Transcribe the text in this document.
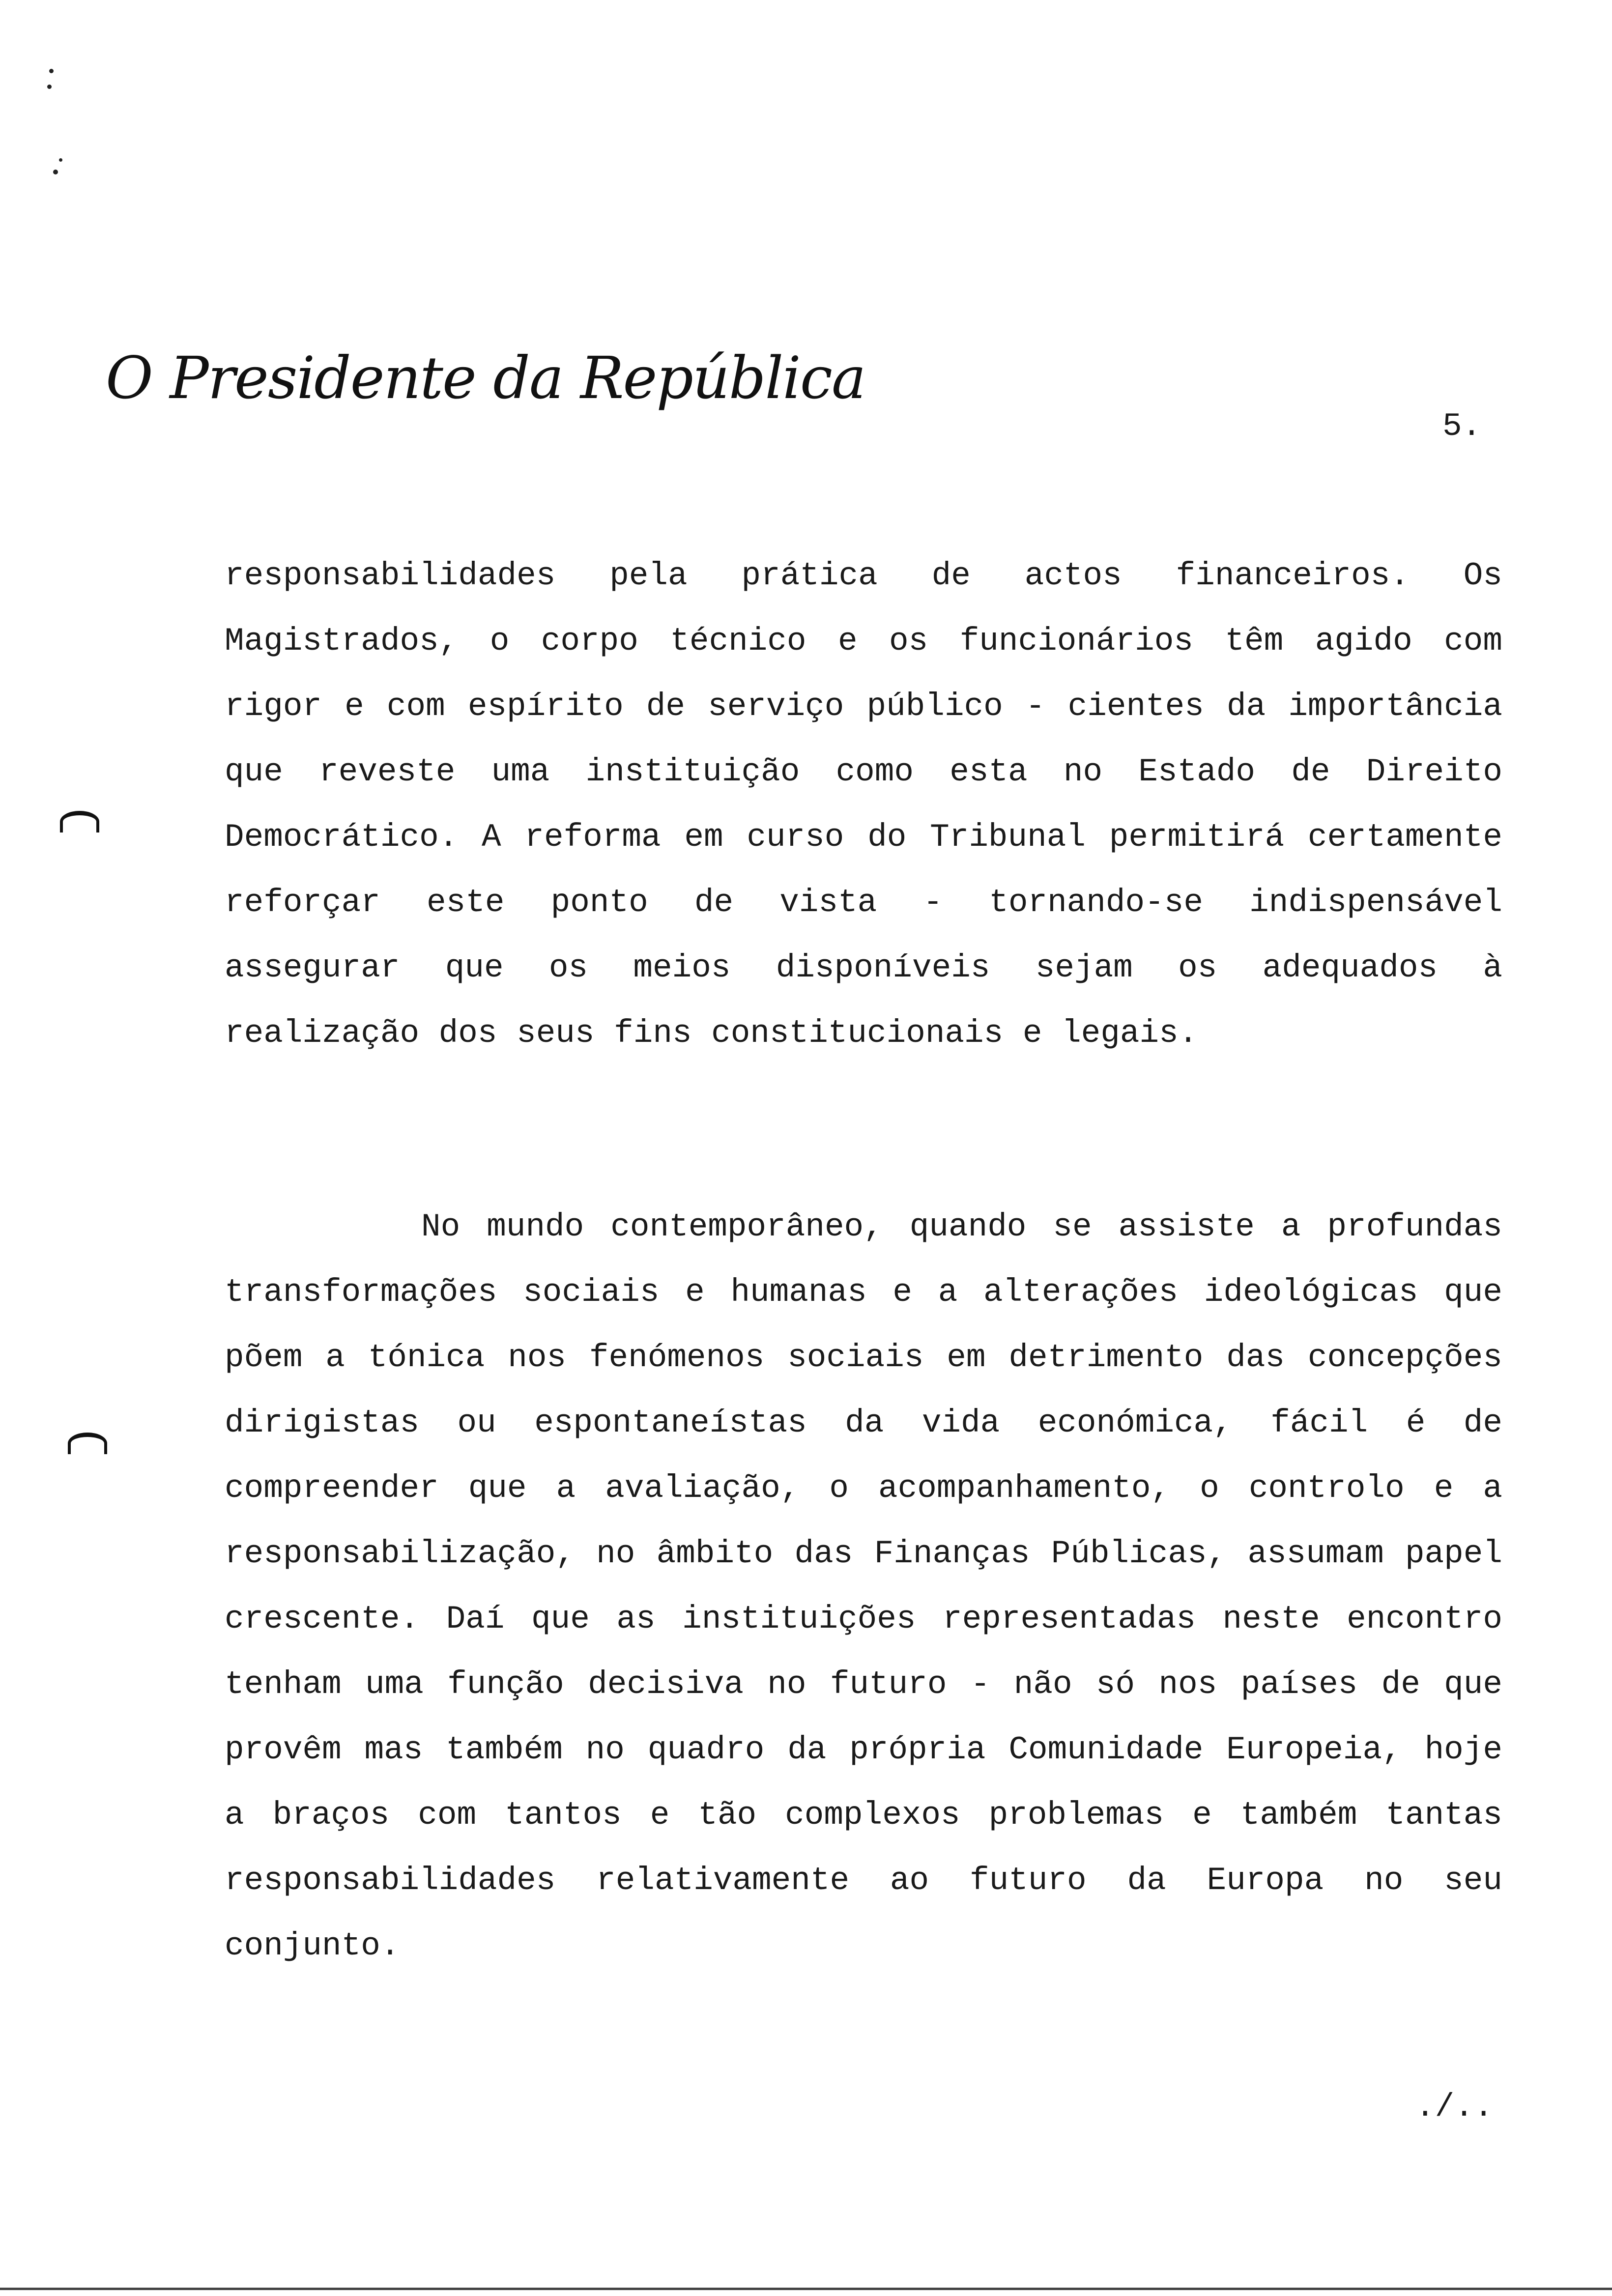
O Presidente da República
5.

responsabilidades pela prática de actos financeiros. Os Magistrados, o corpo técnico e os funcionários têm agido com rigor e com espírito de serviço público - cientes da importância que reveste uma instituição como esta no Estado de Direito Democrático. A reforma em curso do Tribunal permitirá certamente reforçar este ponto de vista - tornando-se indispensável assegurar que os meios disponíveis sejam os adequados à realização dos seus fins constitucionais e legais.

No mundo contemporâneo, quando se assiste a profundas transformações sociais e humanas e a alterações ideológicas que põem a tónica nos fenómenos sociais em detrimento das concepções dirigistas ou espontaneístas da vida económica, fácil é de compreender que a avaliação, o acompanhamento, o controlo e a responsabilização, no âmbito das Finanças Públicas, assumam papel crescente. Daí que as instituições representadas neste encontro tenham uma função decisiva no futuro - não só nos países de que provêm mas também no quadro da própria Comunidade Europeia, hoje a braços com tantos e tão complexos problemas e também tantas responsabilidades relativamente ao futuro da Europa no seu conjunto.

./..
